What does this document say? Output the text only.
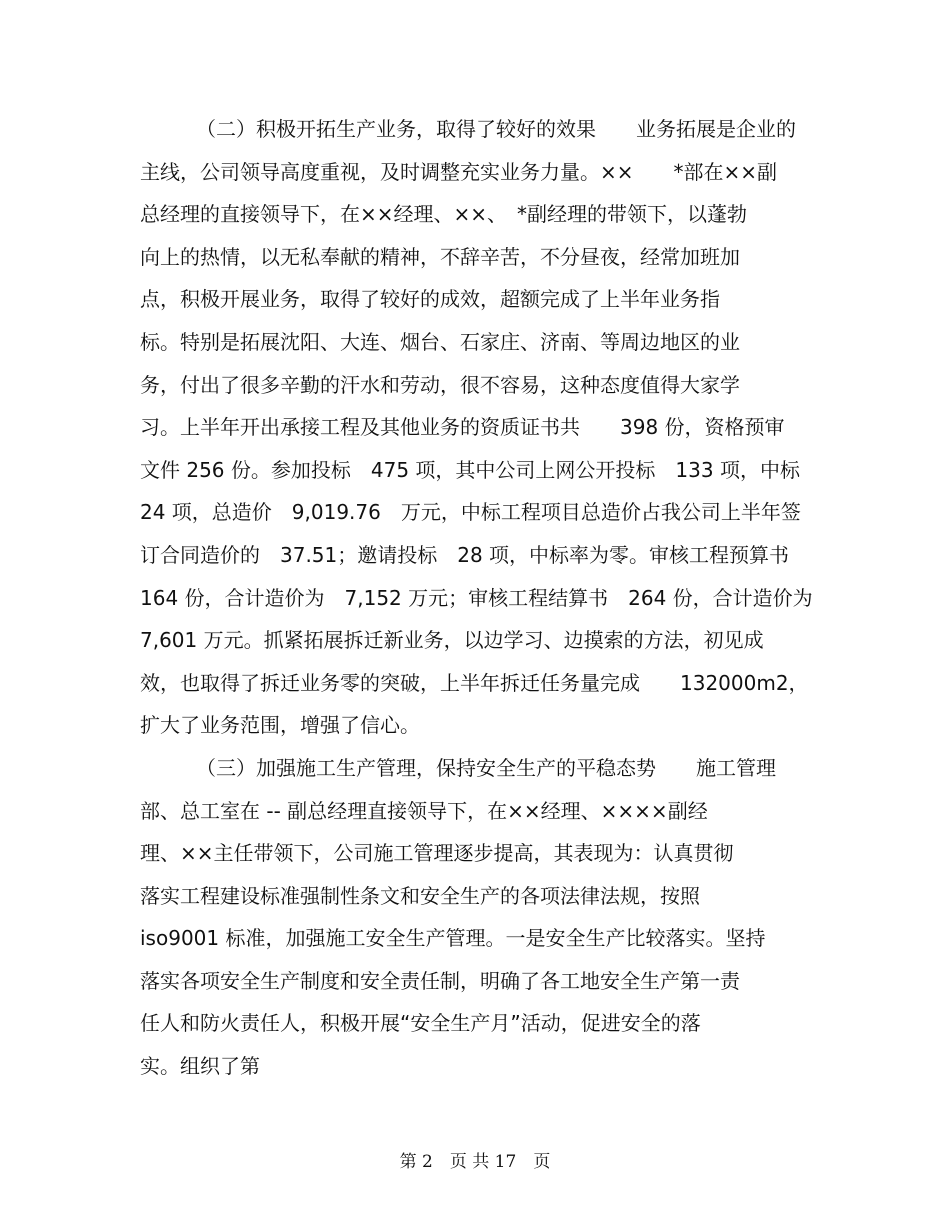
（二）积极开拓生产业务，取得了较好的效果　　业务拓展是企业的
主线，公司领导高度重视，及时调整充实业务力量。××　　*部在××副
总经理的直接领导下，在××经理、××、　*副经理的带领下，以蓬勃
向上的热情，以无私奉献的精神，不辞辛苦，不分昼夜，经常加班加
点，积极开展业务，取得了较好的成效，超额完成了上半年业务指
标。特别是拓展沈阳、大连、烟台、石家庄、济南、等周边地区的业
务，付出了很多辛勤的汗水和劳动，很不容易，这种态度值得大家学
习。上半年开出承接工程及其他业务的资质证书共　　398 份，资格预审
文件 256 份。参加投标　475 项，其中公司上网公开投标　133 项，中标
24 项，总造价　9,019.76　万元，中标工程项目总造价占我公司上半年签
订合同造价的　37.51；邀请投标　28 项，中标率为零。审核工程预算书
164 份，合计造价为　7,152 万元；审核工程结算书　264 份，合计造价为
7,601 万元。抓紧拓展拆迁新业务，以边学习、边摸索的方法，初见成
效，也取得了拆迁业务零的突破，上半年拆迁任务量完成　　132000m2，
扩大了业务范围，增强了信心。
（三）加强施工生产管理，保持安全生产的平稳态势　　施工管理
部、总工室在 -- 副总经理直接领导下，在××经理、××××副经
理、××主任带领下，公司施工管理逐步提高，其表现为：认真贯彻
落实工程建设标准强制性条文和安全生产的各项法律法规，按照
iso9001 标准，加强施工安全生产管理。一是安全生产比较落实。坚持
落实各项安全生产制度和安全责任制，明确了各工地安全生产第一责
任人和防火责任人，积极开展“安全生产月”活动，促进安全的落
实。组织了第
第 2　页 共 17　页
